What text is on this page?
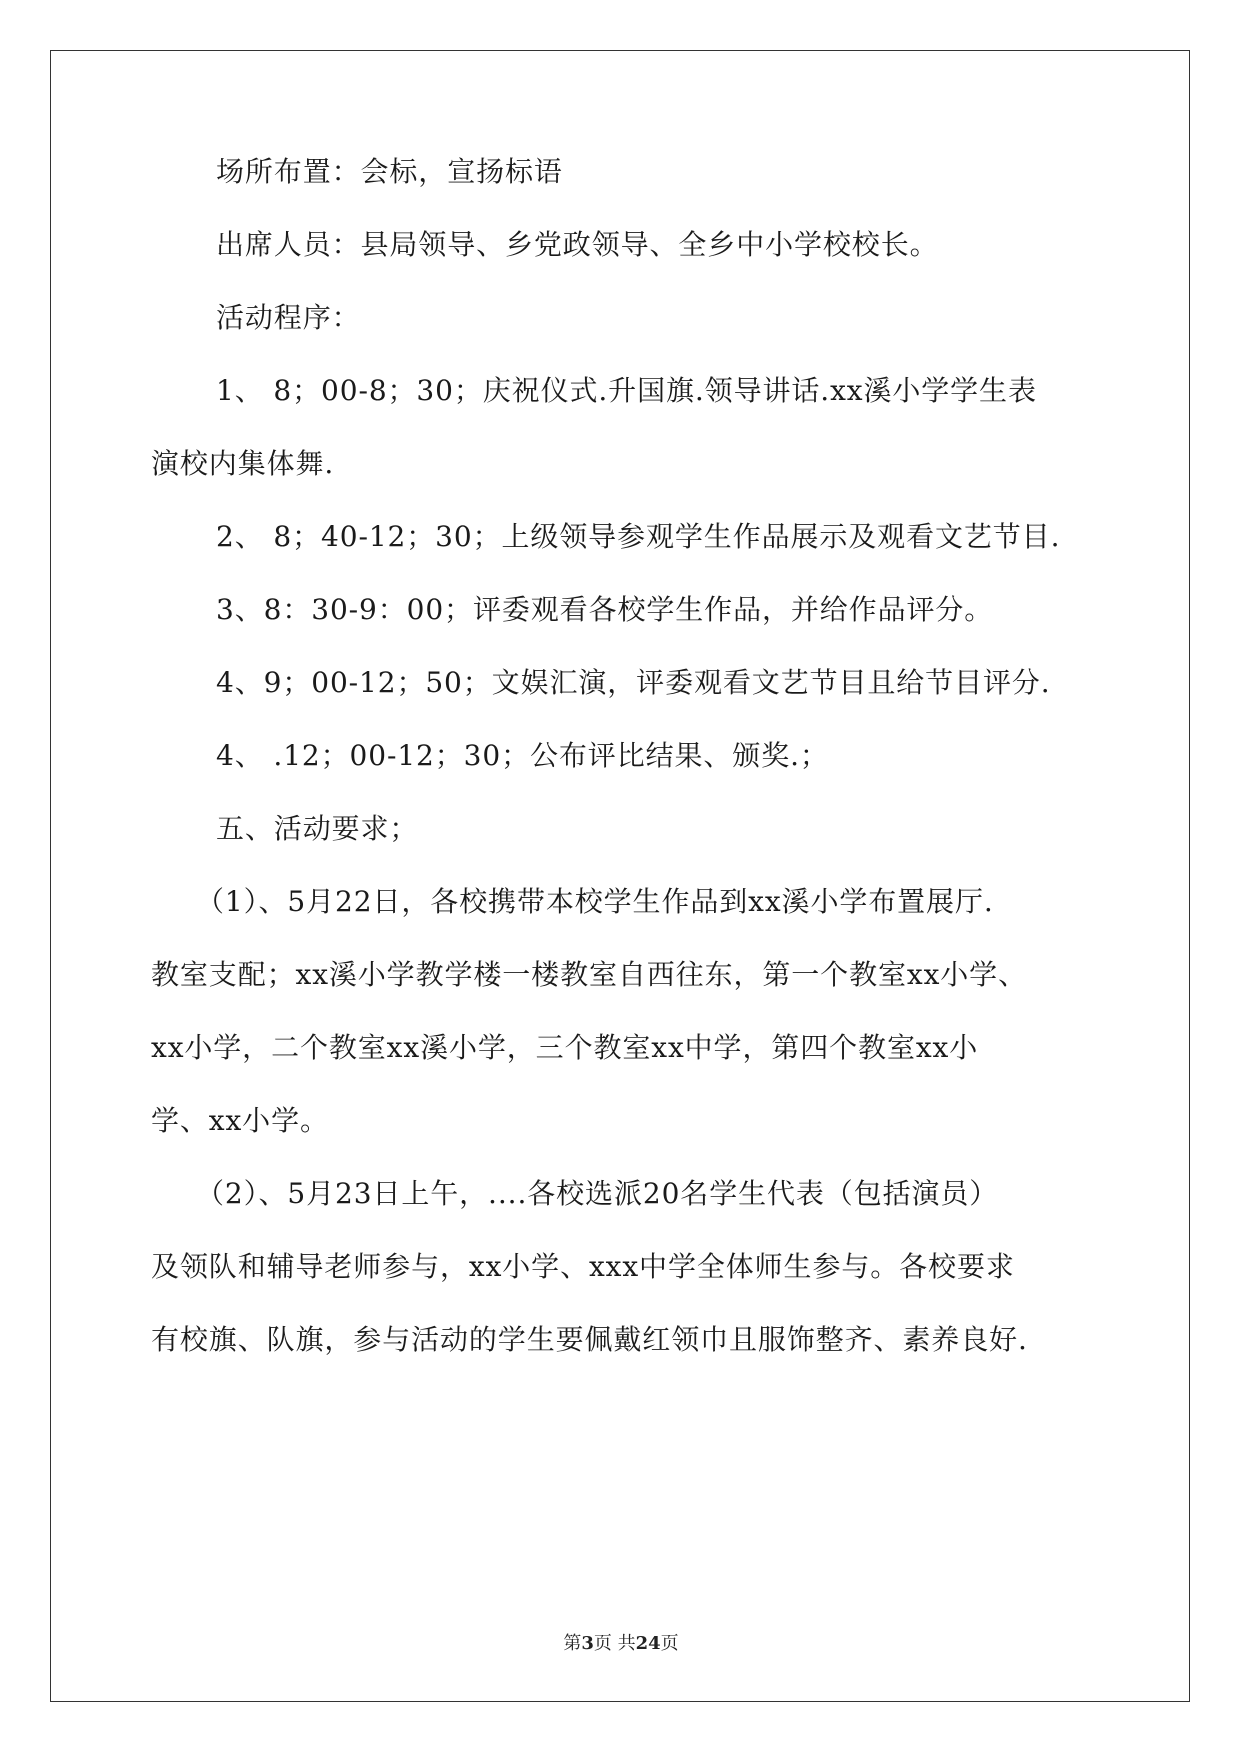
场所布置：会标，宣扬标语
出席人员：县局领导、乡党政领导、全乡中小学校校长。
活动程序：
1、 8；00-8；30；庆祝仪式.升国旗.领导讲话.xx溪小学学生表
演校内集体舞.
2、 8；40-12；30；上级领导参观学生作品展示及观看文艺节目.
3、8：30-9：00；评委观看各校学生作品，并给作品评分。
4、9；00-12；50；文娱汇演，评委观看文艺节目且给节目评分.
4、 .12；00-12；30；公布评比结果、颁奖.；
五、活动要求；
（1）、5月22日，各校携带本校学生作品到xx溪小学布置展厅.
教室支配；xx溪小学教学楼一楼教室自西往东，第一个教室xx小学、
xx小学，二个教室xx溪小学，三个教室xx中学，第四个教室xx小
学、xx小学。
（2）、5月23日上午，....各校选派20名学生代表（包括演员）
及领队和辅导老师参与，xx小学、xxx中学全体师生参与。各校要求
有校旗、队旗，参与活动的学生要佩戴红领巾且服饰整齐、素养良好.
第3页 共24页
